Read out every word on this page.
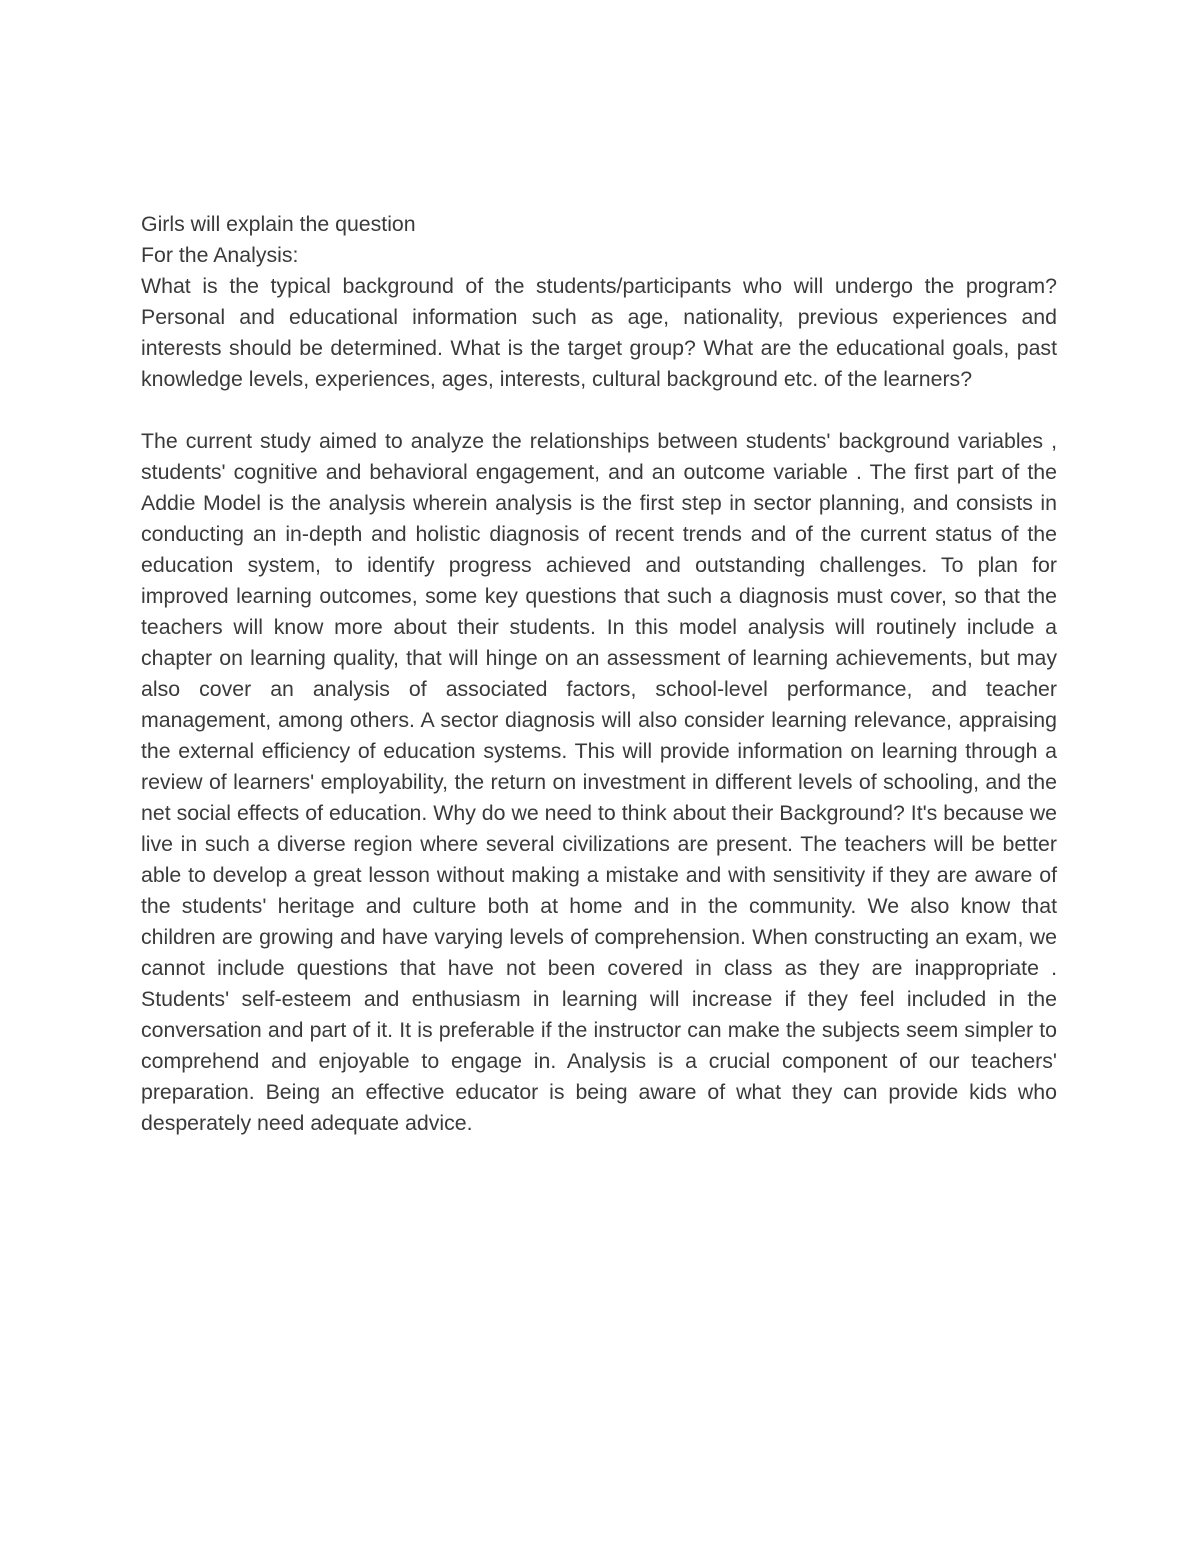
Girls will explain the question

For the Analysis:

What is the typical background of the students/participants who will undergo the program? Personal and educational information such as age, nationality, previous experiences and interests should be determined. What is the target group? What are the educational goals, past knowledge levels, experiences, ages, interests, cultural background etc. of the learners?

The current study aimed to analyze the relationships between students' background variables , students' cognitive and behavioral engagement, and an outcome variable . The first part of the Addie Model is the analysis wherein analysis is the first step in sector planning, and consists in conducting an in-depth and holistic diagnosis of recent trends and of the current status of the education system, to identify progress achieved and outstanding challenges. To plan for improved learning outcomes, some key questions that such a diagnosis must cover, so that the teachers will know more about their students. In this model analysis will routinely include a chapter on learning quality, that will hinge on an assessment of learning achievements, but may also cover an analysis of associated factors, school-level performance, and teacher management, among others. A sector diagnosis will also consider learning relevance, appraising the external efficiency of education systems. This will provide information on learning through a review of learners' employability, the return on investment in different levels of schooling, and the net social effects of education. Why do we need to think about their Background? It's because we live in such a diverse region where several civilizations are present. The teachers will be better able to develop a great lesson without making a mistake and with sensitivity if they are aware of the students' heritage and culture both at home and in the community. We also know that children are growing and have varying levels of comprehension. When constructing an exam, we cannot include questions that have not been covered in class as they are inappropriate . Students' self-esteem and enthusiasm in learning will increase if they feel included in the conversation and part of it. It is preferable if the instructor can make the subjects seem simpler to comprehend and enjoyable to engage in. Analysis is a crucial component of our teachers' preparation. Being an effective educator is being aware of what they can provide kids who desperately need adequate advice.
